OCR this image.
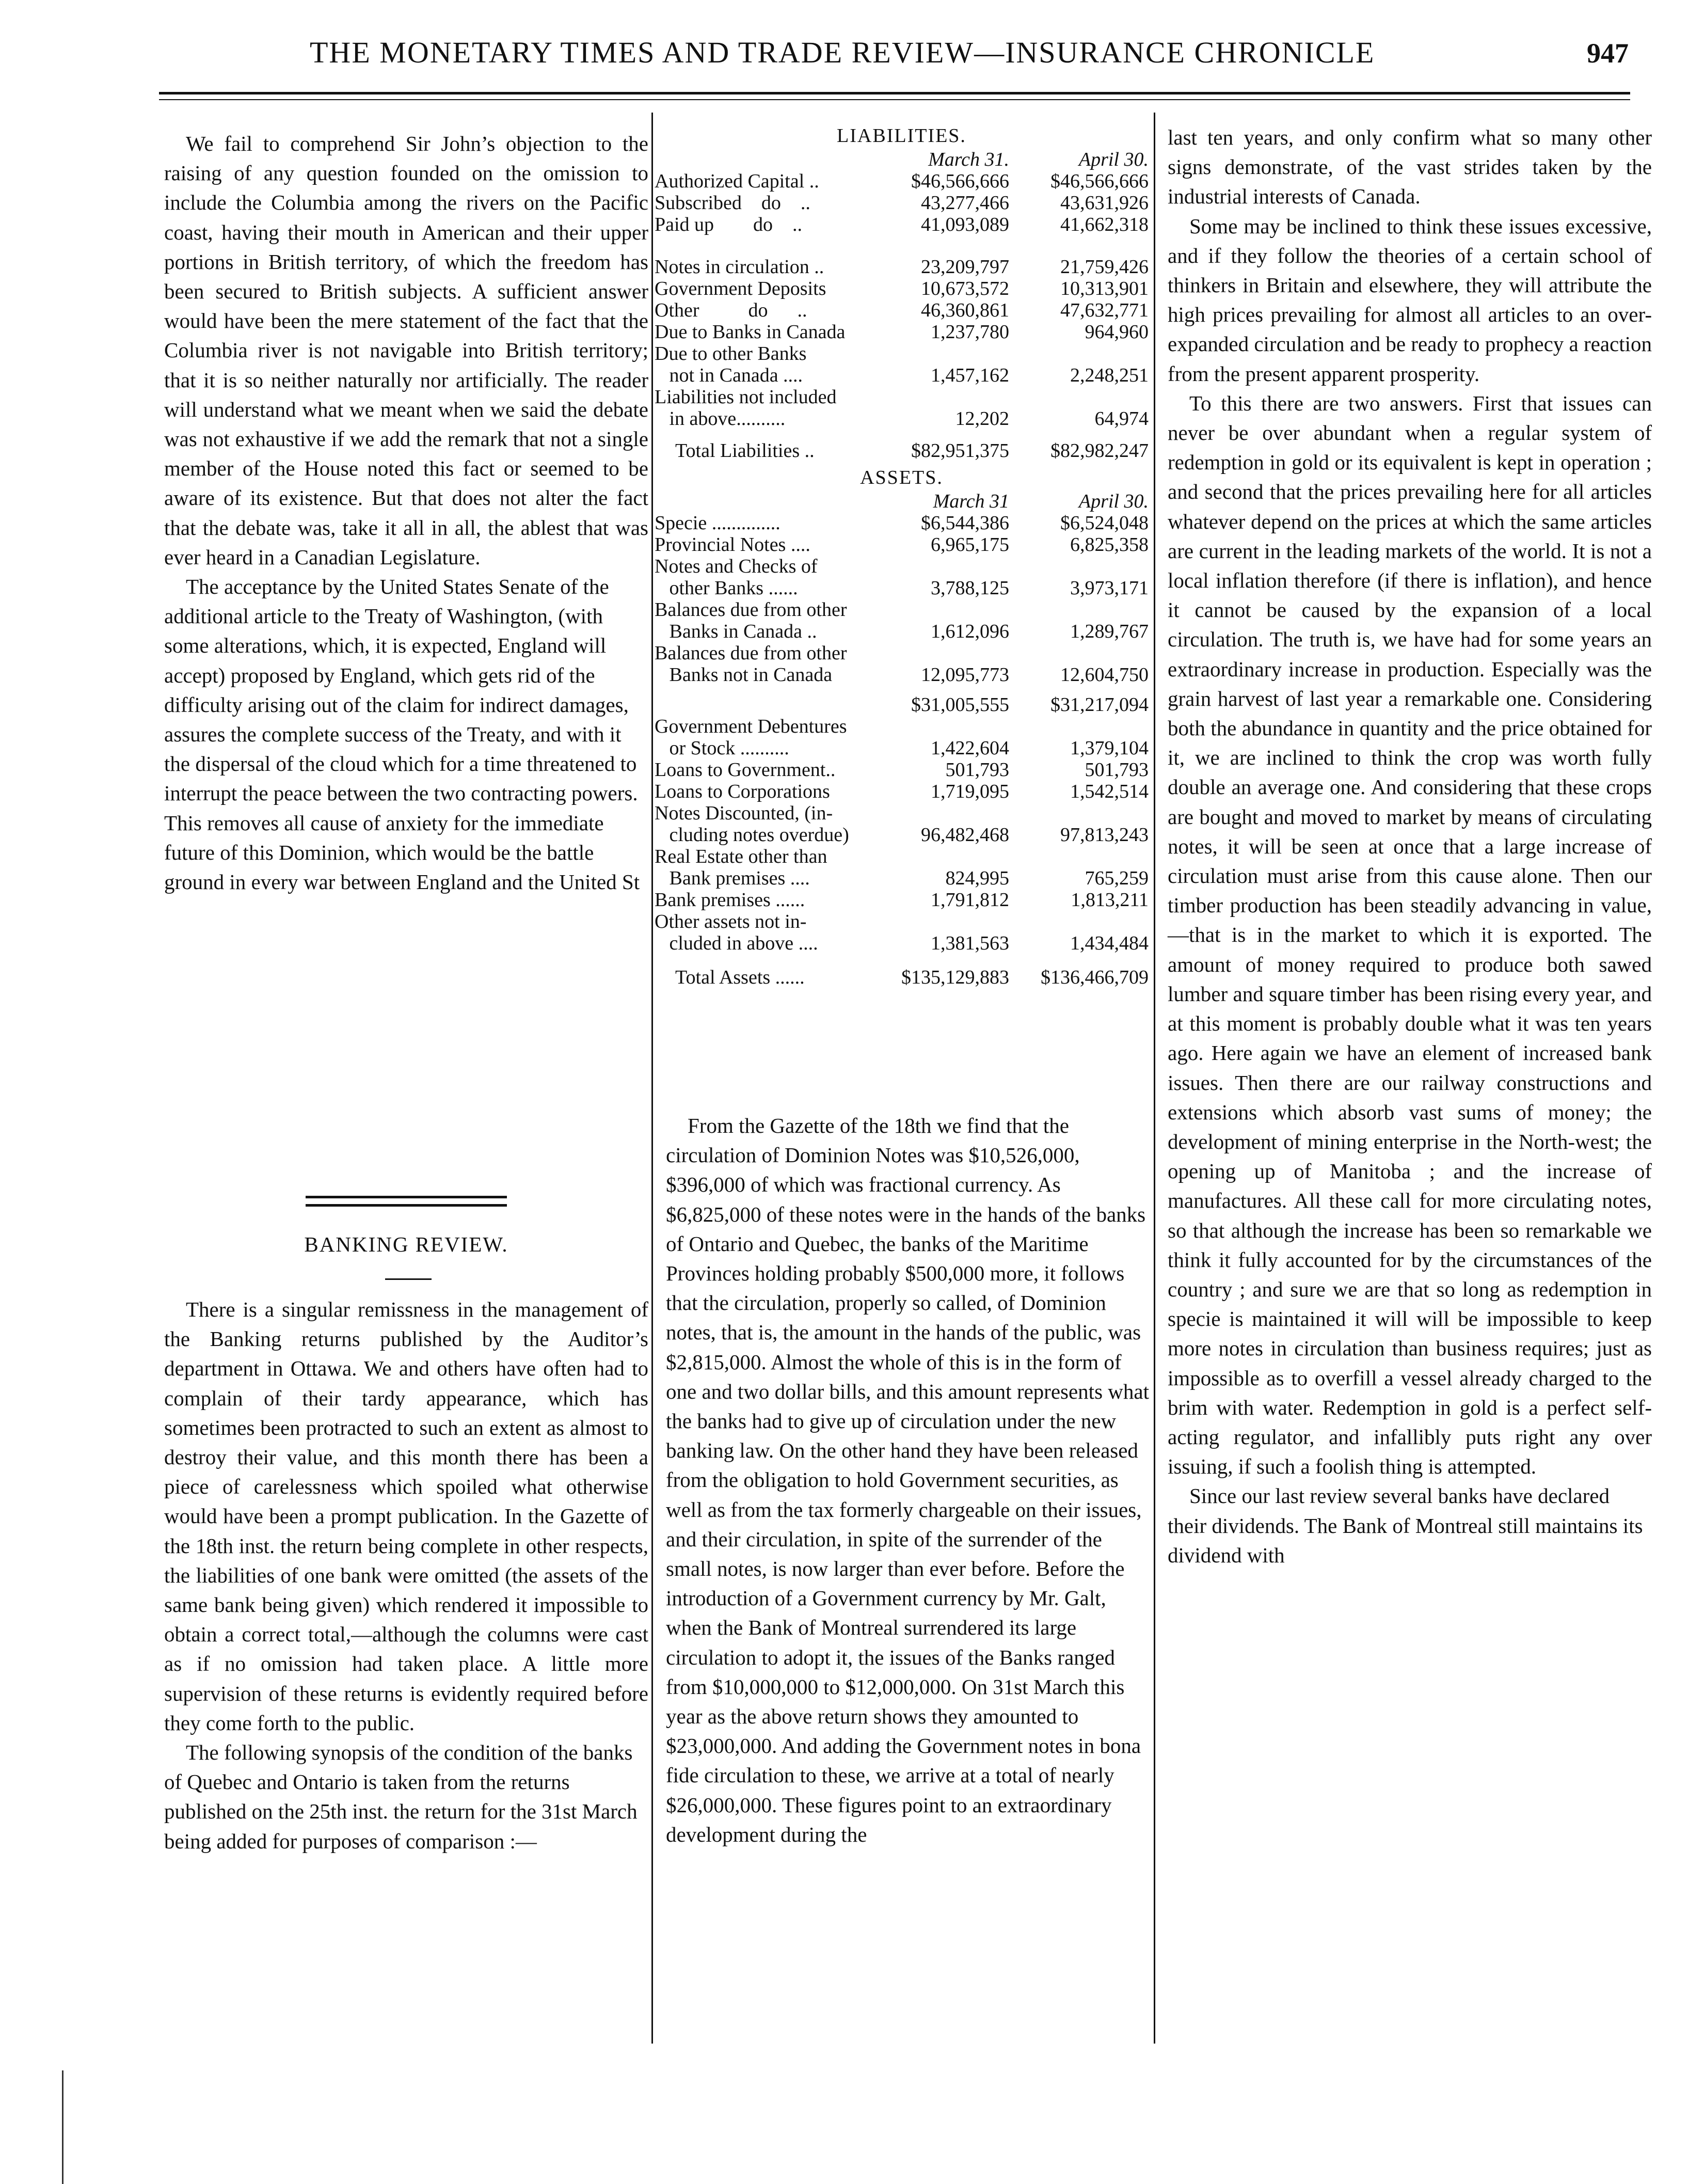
THE MONETARY TIMES AND TRADE REVIEW—INSURANCE CHRONICLE	947

We fail to comprehend Sir John’s objection to the raising of any question founded on the omission to include the Columbia among the rivers on the Pacific coast, having their mouth in American and their upper portions in British territory, of which the freedom has been secured to British subjects. A sufficient answer would have been the mere statement of the fact that the Columbia river is not navigable into British territory; that it is so neither naturally nor artificially. The reader will understand what we meant when we said the debate was not exhaustive if we add the remark that not a single member of the House noted this fact or seemed to be aware of its existence. But that does not alter the fact that the debate was, take it all in all, the ablest that was ever heard in a Canadian Legislature.

The acceptance by the United States Senate of the additional article to the Treaty of Washington, (with some alterations, which, it is expected, England will accept) proposed by England, which gets rid of the difficulty arising out of the claim for indirect damages, assures the complete success of the Treaty, and with it the dispersal of the cloud which for a time threatened to interrupt the peace between the two contracting powers. This removes all cause of anxiety for the immediate future of this Dominion, which would be the battle ground in every war between England and the United St

BANKING REVIEW.

There is a singular remissness in the management of the Banking returns published by the Auditor’s department in Ottawa. We and others have often had to complain of their tardy appearance, which has sometimes been protracted to such an extent as almost to destroy their value, and this month there has been a piece of carelessness which spoiled what otherwise would have been a prompt publication. In the Gazette of the 18th inst. the return being complete in other respects, the liabilities of one bank were omitted (the assets of the same bank being given) which rendered it impossible to obtain a correct total,—although the columns were cast as if no omission had taken place. A little more supervision of these returns is evidently required before they come forth to the public.

The following synopsis of the condition of the banks of Quebec and Ontario is taken from the returns published on the 25th inst. the return for the 31st March being added for purposes of comparison :—

LIABILITIES.
March 31.	April 30.
Authorized Capital ..	$46,566,666 $46,566,666
Subscribed    do    ..	43,277,466	43,631,926
Paid up        do    ..	41,093,089	41,662,318
Notes in circulation ..	23,209,797	21,759,426
Government Deposits	10,673,572	10,313,901
Other          do      ..	46,360,861	47,632,771
Due to Banks in Canada	1,237,780	964,960
Due to other Banks
not in Canada ....	1,457,162	2,248,251
Liabilities not included
in above..........	12,202	64,974
Total Liabilities ..	$82,951,375 $82,982,247
ASSETS.
March 31	April 30.
Specie ..............	$6,544,386	$6,524,048
Provincial Notes ....	6,965,175	6,825,358
Notes and Checks of
other Banks ......	3,788,125	3,973,171
Balances due from other
Banks in Canada ..	1,612,096	1,289,767
Balances due from other
Banks not in Canada	12,095,773	12,604,750
$31,005,555 $31,217,094
Government Debentures
or Stock ..........	1,422,604	1,379,104
Loans to Government..	501,793	501,793
Loans to Corporations	1,719,095	1,542,514
Notes Discounted, (in-
cluding notes overdue)	96,482,468	97,813,243
Real Estate other than
Bank premises ....	824,995	765,259
Bank premises ......	1,791,812	1,813,211
Other assets not in-
cluded in above ....	1,381,563	1,434,484
Total Assets ......	$135,129,883 $136,466,709

From the Gazette of the 18th we find that the circulation of Dominion Notes was $10,526,000, $396,000 of which was fractional currency. As $6,825,000 of these notes were in the hands of the banks of Ontario and Quebec, the banks of the Maritime Provinces holding probably $500,000 more, it follows that the circulation, properly so called, of Dominion notes, that is, the amount in the hands of the public, was $2,815,000. Almost the whole of this is in the form of one and two dollar bills, and this amount represents what the banks had to give up of circulation under the new banking law. On the other hand they have been released from the obligation to hold Government securities, as well as from the tax formerly chargeable on their issues, and their circulation, in spite of the surrender of the small notes, is now larger than ever before. Before the introduction of a Government currency by Mr. Galt, when the Bank of Montreal surrendered its large circulation to adopt it, the issues of the Banks ranged from $10,000,000 to $12,000,000. On 31st March this year as the above return shows they amounted to $23,000,000. And adding the Government notes in bona fide circulation to these, we arrive at a total of nearly $26,000,000. These figures point to an extraordinary development during the

last ten years, and only confirm what so many other signs demonstrate, of the vast strides taken by the industrial interests of Canada.

Some may be inclined to think these issues excessive, and if they follow the theories of a certain school of thinkers in Britain and elsewhere, they will attribute the high prices prevailing for almost all articles to an over-expanded circulation and be ready to prophecy a reaction from the present apparent prosperity.

To this there are two answers. First that issues can never be over abundant when a regular system of redemption in gold or its equivalent is kept in operation ; and second that the prices prevailing here for all articles whatever depend on the prices at which the same articles are current in the leading markets of the world. It is not a local inflation therefore (if there is inflation), and hence it cannot be caused by the expansion of a local circulation. The truth is, we have had for some years an extraordinary increase in production. Especially was the grain harvest of last year a remarkable one. Considering both the abundance in quantity and the price obtained for it, we are inclined to think the crop was worth fully double an average one. And considering that these crops are bought and moved to market by means of circulating notes, it will be seen at once that a large increase of circulation must arise from this cause alone. Then our timber production has been steadily advancing in value,—that is in the market to which it is exported. The amount of money required to produce both sawed lumber and square timber has been rising every year, and at this moment is probably double what it was ten years ago. Here again we have an element of increased bank issues. Then there are our railway constructions and extensions which absorb vast sums of money; the development of mining enterprise in the North-west; the opening up of Manitoba ; and the increase of manufactures. All these call for more circulating notes, so that although the increase has been so remarkable we think it fully accounted for by the circumstances of the country ; and sure we are that so long as redemption in specie is maintained it will will be impossible to keep more notes in circulation than business requires; just as impossible as to overfill a vessel already charged to the brim with water. Redemption in gold is a perfect self-acting regulator, and infallibly puts right any over issuing, if such a foolish thing is attempted.

Since our last review several banks have declared their dividends. The Bank of Montreal still maintains its dividend with
